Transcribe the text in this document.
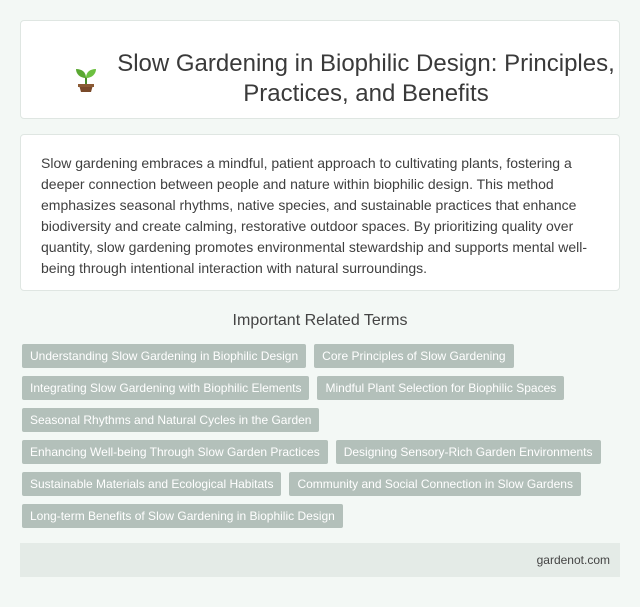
Slow Gardening in Biophilic Design: Principles, Practices, and Benefits

Slow gardening embraces a mindful, patient approach to cultivating plants, fostering a deeper connection between people and nature within biophilic design. This method emphasizes seasonal rhythms, native species, and sustainable practices that enhance biodiversity and create calming, restorative outdoor spaces. By prioritizing quality over quantity, slow gardening promotes environmental stewardship and supports mental well-being through intentional interaction with natural surroundings.

Important Related Terms
Understanding Slow Gardening in Biophilic Design	Core Principles of Slow Gardening
Integrating Slow Gardening with Biophilic Elements	Mindful Plant Selection for Biophilic Spaces
Seasonal Rhythms and Natural Cycles in the Garden
Enhancing Well-being Through Slow Garden Practices	Designing Sensory-Rich Garden Environments
Sustainable Materials and Ecological Habitats	Community and Social Connection in Slow Gardens
Long-term Benefits of Slow Gardening in Biophilic Design
gardenot.com
